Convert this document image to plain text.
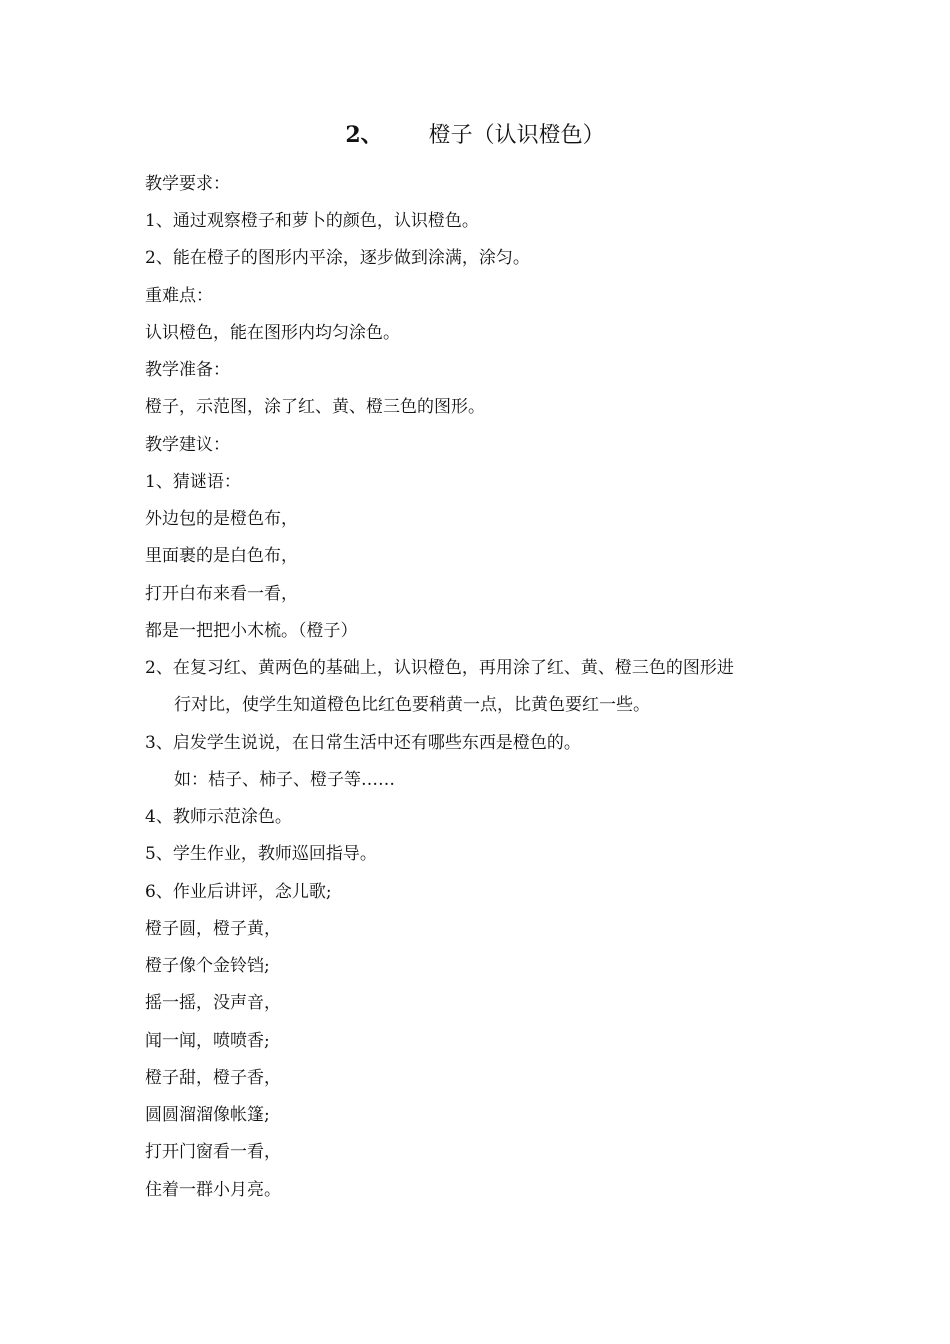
2、 橙子（认识橙色）
教学要求：
1、通过观察橙子和萝卜的颜色，认识橙色。
2、能在橙子的图形内平涂，逐步做到涂满，涂匀。
重难点：
认识橙色，能在图形内均匀涂色。
教学准备：
橙子，示范图，涂了红、黄、橙三色的图形。
教学建议：
1、猜谜语：
外边包的是橙色布，
里面裹的是白色布，
打开白布来看一看，
都是一把把小木梳。（橙子）
2、在复习红、黄两色的基础上，认识橙色，再用涂了红、黄、橙三色的图形进
行对比，使学生知道橙色比红色要稍黄一点，比黄色要红一些。
3、启发学生说说，在日常生活中还有哪些东西是橙色的。
如：桔子、柿子、橙子等……
4、教师示范涂色。
5、学生作业，教师巡回指导。
6、作业后讲评，念儿歌;
橙子圆，橙子黄，
橙子像个金铃铛;
摇一摇，没声音，
闻一闻，喷喷香;
橙子甜，橙子香，
圆圆溜溜像帐篷;
打开门窗看一看，
住着一群小月亮。
